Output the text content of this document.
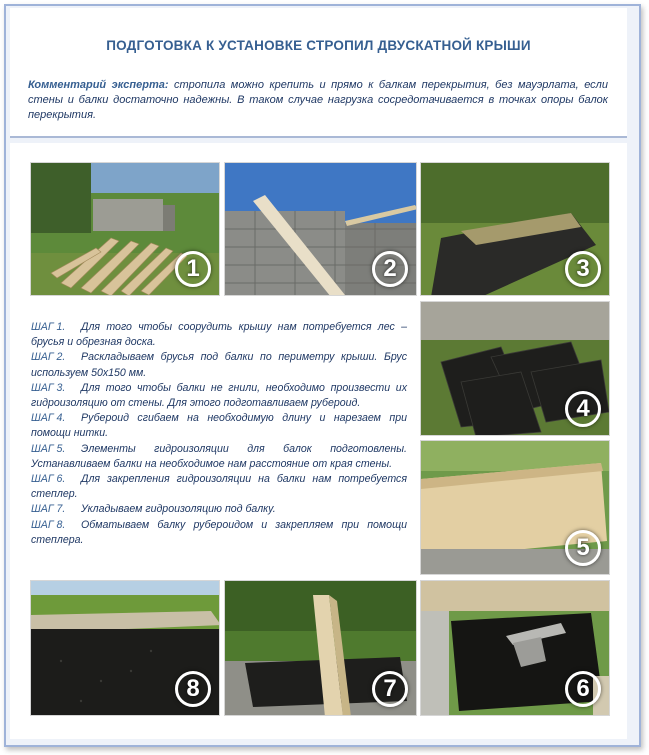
ПОДГОТОВКА К УСТАНОВКЕ СТРОПИЛ ДВУСКАТНОЙ КРЫШИ
Комментарий эксперта: стропила можно крепить и прямо к балкам перекрытия, без мауэрлата, если стены и балки достаточно надежны. В таком случае нагрузка сосредотачивается в точках опоры балок перекрытия.
1	2	3

ШАГ 1. Для того чтобы соорудить крышу нам потребуется лес – брусья и обрезная доска.

ШАГ 2. Раскладываем брусья под балки по периметру крыши. Брус используем 50х150 мм.

ШАГ 3. Для того чтобы балки не гнили, необходимо произвести их гидроизоляцию от стены. Для этого подготавливаем рубероид.

ШАГ 4. Рубероид сгибаем на необходимую длину и нарезаем при помощи нитки.

ШАГ 5. Элементы гидроизоляции для балок подготовлены. Устанавливаем балки на необходимое нам расстояние от края стены.

ШАГ 6. Для закрепления гидроизоляции на балки нам потребуется степлер.

ШАГ 7. Укладываем гидроизоляцию под балку.

ШАГ 8. Обматываем балку рубероидом и закрепляем при помощи степлера.

4
5
8	7	6
